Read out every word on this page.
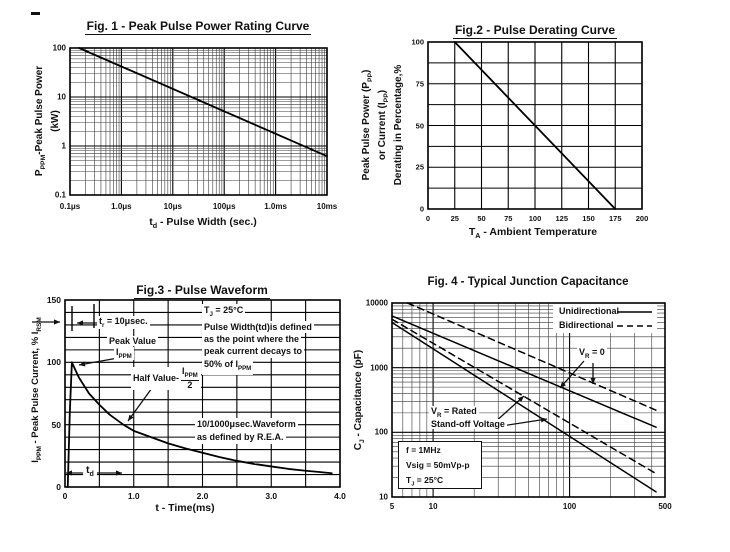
Fig. 1 - Peak Pulse Power Rating Curve
$P_{PPM}$-Peak Pulse Power (kW)
$t_d$ - Pulse Width (sec.)
Fig.2 - Pulse Derating Curve
Peak Pulse Power $(P_{PP})$
or Current $(I_{PP})$ Derating in Percentage,%
$T_A$ - Ambient Temperature
Fig.3 - Pulse Waveform
$I_{PPM}$ - Peak Pulse Current, % $I_{RSM}$
t - Time(ms)
$t_r = 10\mu\sec$.
Peak Value
$I_{PPM}$
Half Value- $\frac{I_{PPM}}{2}$
$T_J = 25^\circ C$
Pulse Width(td)is defined
as the point where the
peak current decays to
50% of $I_{PPM}$
10/1000μsec.Waveform
as defined by R.E.A.
$t_d$
Fig. 4 - Typical Junction Capacitance
$C_J$ - Capacitance (pF)
Unidirectional
Bidirectional
$V_R = 0$
$V_R$ = Rated
Stand-off Voltage
f = 1MHz
Vsig = 50mVp-p
$T_J = 25^\circ C$
0.1μs	1.0μs	10μs	100μs	1.0ms	10ms
100
10
1
0.1
0	25 50 75 100 125 150 175 200
0
25
50
75
100
0	1.0	2.0	3.0	4.0
0
50
100
150
5	10	100	500
10
100
1000
10000
